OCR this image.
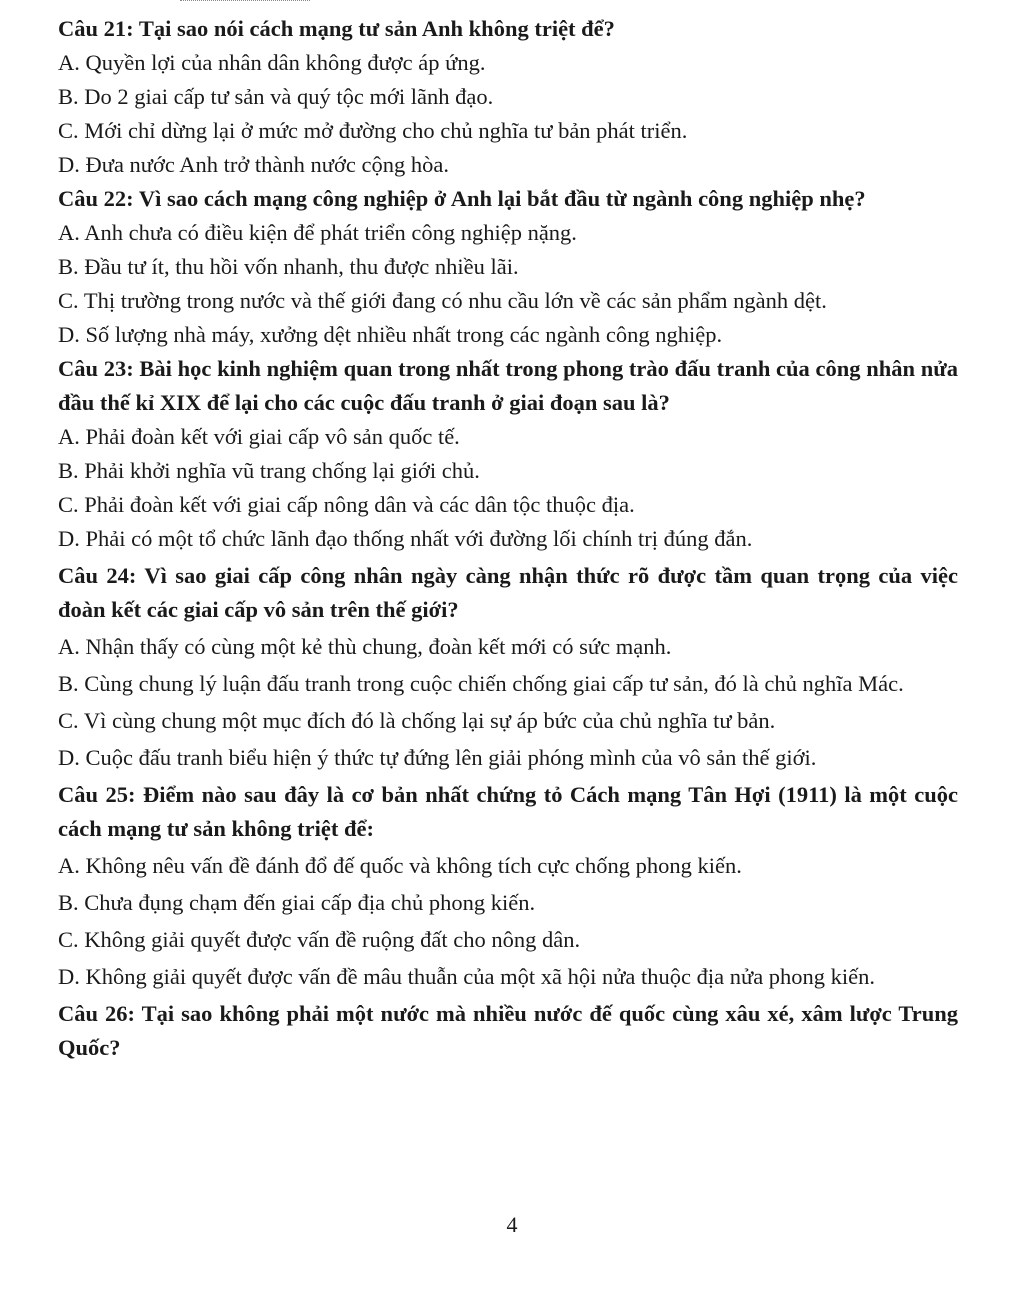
Câu 21: Tại sao nói cách mạng tư sản Anh không triệt để?

A. Quyền lợi của nhân dân không được áp ứng.

B. Do 2 giai cấp tư sản và quý tộc mới lãnh đạo.

C. Mới chỉ dừng lại ở mức mở đường cho chủ nghĩa tư bản phát triển.

D. Đưa nước Anh trở thành nước cộng hòa.

Câu 22: Vì sao cách mạng công nghiệp ở Anh lại bắt đầu từ ngành công nghiệp nhẹ?

A. Anh chưa có điều kiện để phát triển công nghiệp nặng.

B. Đầu tư ít, thu hồi vốn nhanh, thu được nhiều lãi.

C. Thị trường trong nước và thế giới đang có nhu cầu lớn về các sản phẩm ngành dệt.

D. Số lượng nhà máy, xưởng dệt nhiều nhất trong các ngành công nghiệp.

Câu 23: Bài học kinh nghiệm quan trong nhất trong phong trào đấu tranh của công nhân nửa đầu thế kỉ XIX để lại cho các cuộc đấu tranh ở giai đoạn sau là?

A. Phải đoàn kết với giai cấp vô sản quốc tế.

B. Phải khởi nghĩa vũ trang chống lại giới chủ.

C. Phải đoàn kết với giai cấp nông dân và các dân tộc thuộc địa.

D. Phải có một tổ chức lãnh đạo thống nhất với đường lối chính trị đúng đắn.

Câu 24: Vì sao giai cấp công nhân ngày càng nhận thức rõ được tầm quan trọng của việc đoàn kết các giai cấp vô sản trên thế giới?

A. Nhận thấy có cùng một kẻ thù chung, đoàn kết mới có sức mạnh.

B. Cùng chung lý luận đấu tranh trong cuộc chiến chống giai cấp tư sản, đó là chủ nghĩa Mác.

C. Vì cùng chung một mục đích đó là chống lại sự áp bức của chủ nghĩa tư bản.

D. Cuộc đấu tranh biểu hiện ý thức tự đứng lên giải phóng mình của vô sản thế giới.

Câu 25: Điểm nào sau đây là cơ bản nhất chứng tỏ Cách mạng Tân Hợi (1911) là một cuộc cách mạng tư sản không triệt để:

A. Không nêu vấn đề đánh đổ đế quốc và không tích cực chống phong kiến.

B. Chưa đụng chạm đến giai cấp địa chủ phong kiến.

C. Không giải quyết được vấn đề ruộng đất cho nông dân.

D. Không giải quyết được vấn đề mâu thuẫn của một xã hội nửa thuộc địa nửa phong kiến.

Câu 26: Tại sao không phải một nước mà nhiều nước đế quốc cùng xâu xé, xâm lược Trung Quốc?

4
